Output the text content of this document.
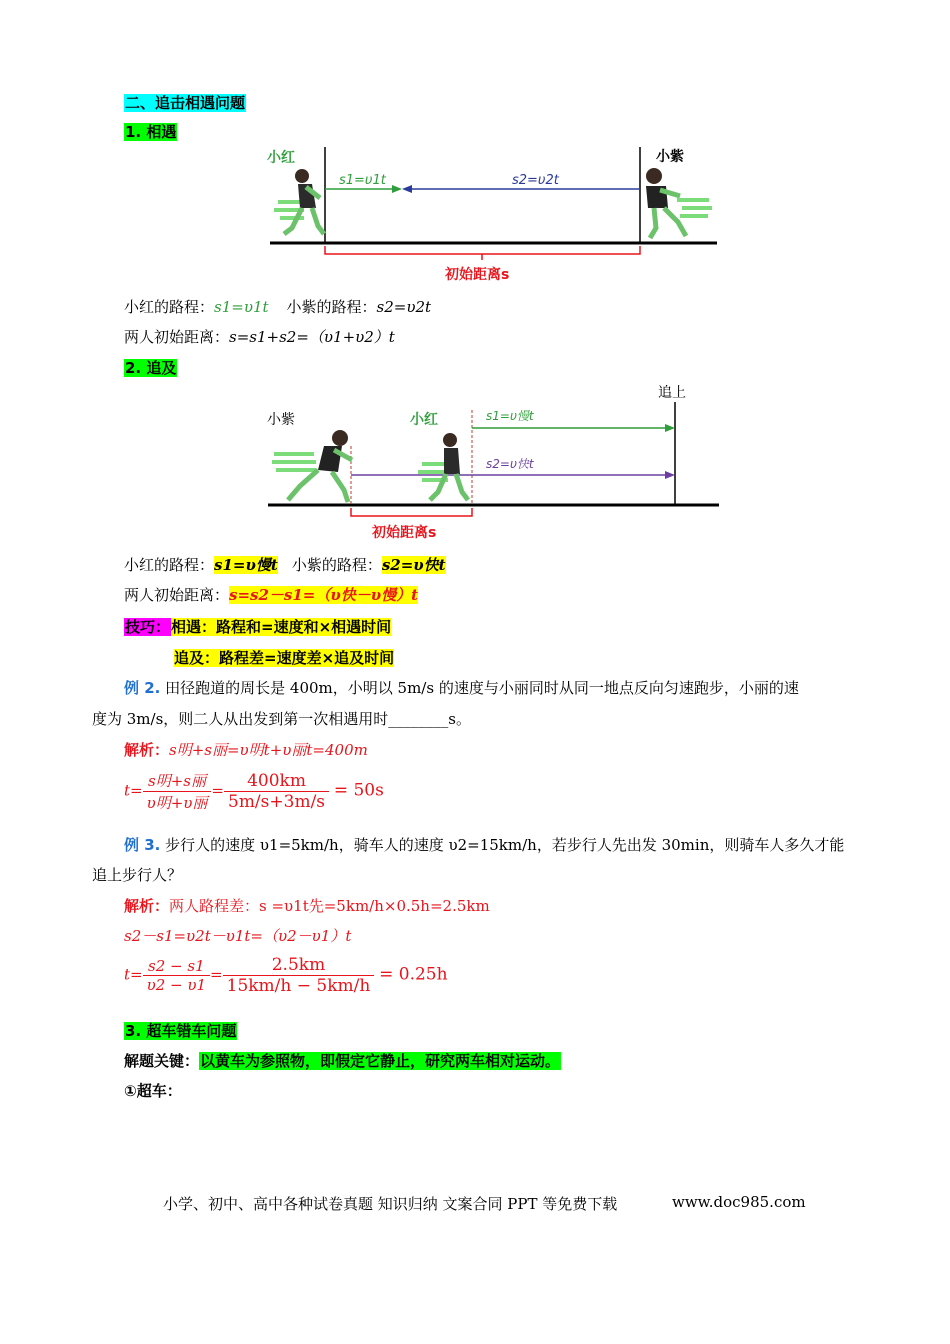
二、追击相遇问题
1. 相遇
小红	小紫
s1=υ1t	s2=υ2t
初始距离s
小红的路程：s1=υ1t 小紫的路程：s2=υ2t
两人初始距离：s=s1+s2=（υ1+υ2）t
2. 追及
追上
小紫	小红	s1=υ慢t
s2=υ快t
初始距离s
小红的路程：s1=υ慢t 小紫的路程：s2=υ快t
两人初始距离：s=s2－s1=（υ快－υ慢）t
技巧：相遇：路程和=速度和×相遇时间
追及：路程差=速度差×追及时间
例 2. 田径跑道的周长是 400m，小明以 5m/s 的速度与小丽同时从同一地点反向匀速跑步，小丽的速
度为 3m/s，则二人从出发到第一次相遇用时________s。
解析：s明+s丽=υ明t+υ丽t=400m
$t= \frac{\text{s明+s丽}}{\text{υ明+υ丽}} = \frac{400km}{5m/s+3m/s} = 50s$
例 3. 步行人的速度 υ1=5km/h，骑车人的速度 υ2=15km/h，若步行人先出发 30min，则骑车人多久才能
追上步行人？
解析：两人路程差：s =υ1t先=5km/h×0.5h=2.5km
s2－s1=υ2t－υ1t=（υ2－υ1）t
$t= \frac{s2 - s1}{\upsilon 2 - \upsilon 1} = \frac{2.5km}{15km/h - 5km/h} = 0.25h$
3. 超车错车问题
解题关键：以黄车为参照物，即假定它静止，研究两车相对运动。
①超车：
小学、初中、高中各种试卷真题 知识归纳 文案合同 PPT 等免费下载	www.doc985.com
